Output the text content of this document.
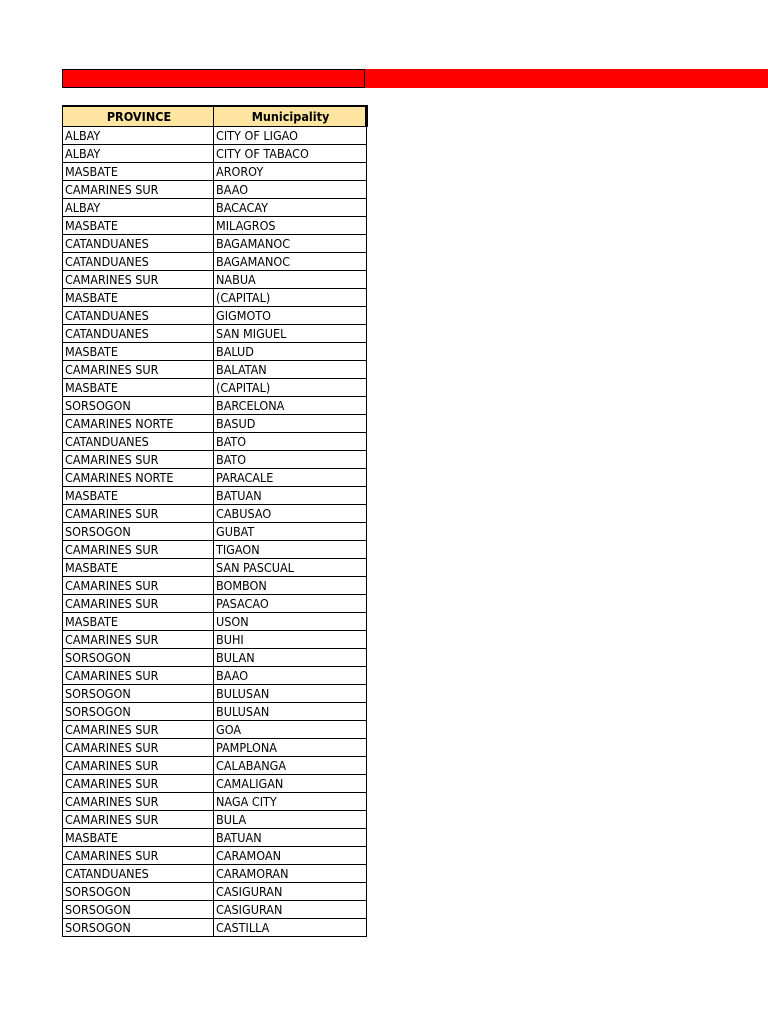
PROVINCE	Municipality
ALBAY	CITY OF LIGAO
ALBAY	CITY OF TABACO
MASBATE	AROROY
CAMARINES SUR	BAAO
ALBAY	BACACAY
MASBATE	MILAGROS
CATANDUANES	BAGAMANOC
CATANDUANES	BAGAMANOC
CAMARINES SUR	NABUA
MASBATE	(CAPITAL)
CATANDUANES	GIGMOTO
CATANDUANES	SAN MIGUEL
MASBATE	BALUD
CAMARINES SUR	BALATAN
MASBATE	(CAPITAL)
SORSOGON	BARCELONA
CAMARINES NORTE	BASUD
CATANDUANES	BATO
CAMARINES SUR	BATO
CAMARINES NORTE	PARACALE
MASBATE	BATUAN
CAMARINES SUR	CABUSAO
SORSOGON	GUBAT
CAMARINES SUR	TIGAON
MASBATE	SAN PASCUAL
CAMARINES SUR	BOMBON
CAMARINES SUR	PASACAO
MASBATE	USON
CAMARINES SUR	BUHI
SORSOGON	BULAN
CAMARINES SUR	BAAO
SORSOGON	BULUSAN
SORSOGON	BULUSAN
CAMARINES SUR	GOA
CAMARINES SUR	PAMPLONA
CAMARINES SUR	CALABANGA
CAMARINES SUR	CAMALIGAN
CAMARINES SUR	NAGA CITY
CAMARINES SUR	BULA
MASBATE	BATUAN
CAMARINES SUR	CARAMOAN
CATANDUANES	CARAMORAN
SORSOGON	CASIGURAN
SORSOGON	CASIGURAN
SORSOGON	CASTILLA
